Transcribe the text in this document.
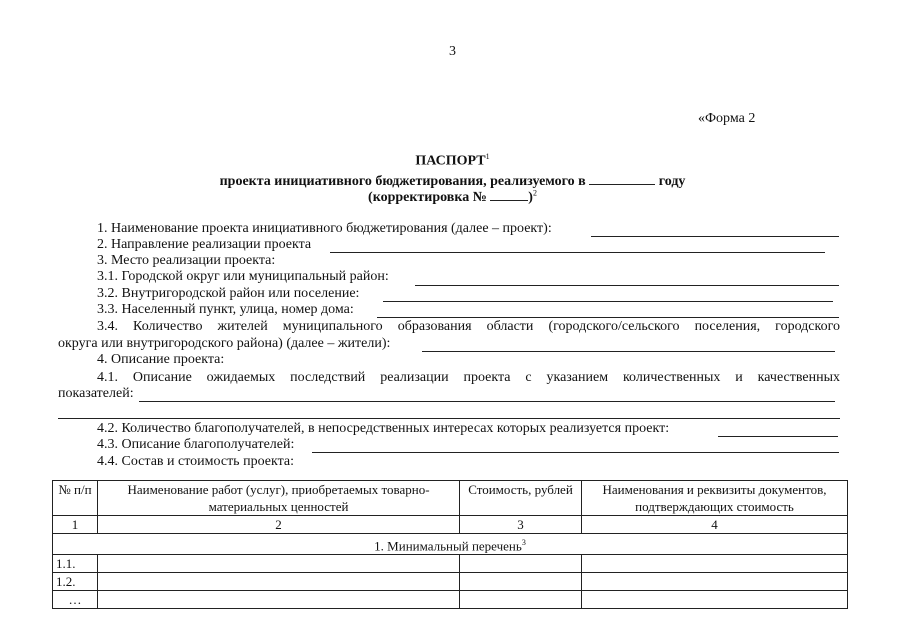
3
«Форма 2
ПАСПОРТ$^1$
проекта инициативного бюджетирования, реализуемого в	году
(корректировка №	)$^2$
1. Наименование проекта инициативного бюджетирования (далее – проект):
2. Направление реализации проекта
3. Место реализации проекта:
3.1. Городской округ или муниципальный район:
3.2. Внутригородской район или поселение:
3.3. Населенный пункт, улица, номер дома:
3.4. Количество жителей муниципального образования области (городского/сельского поселения, городского
округа или внутригородского района) (далее – жители):
4. Описание проекта:
4.1. Описание ожидаемых последствий реализации проекта с указанием количественных и качественных
показателей:
4.2. Количество благополучателей, в непосредственных интересах которых реализуется проект:
4.3. Описание благополучателей:
4.4. Состав и стоимость проекта:
№ п/п	Наименование работ (услуг), приобретаемых товарно-материальных ценностей	Стоимость, рублей	Наименования и реквизиты документов, подтверждающих стоимость
1	2	3	4
1. Минимальный перечень$^3$
1.1.			
1.2.			
…			
